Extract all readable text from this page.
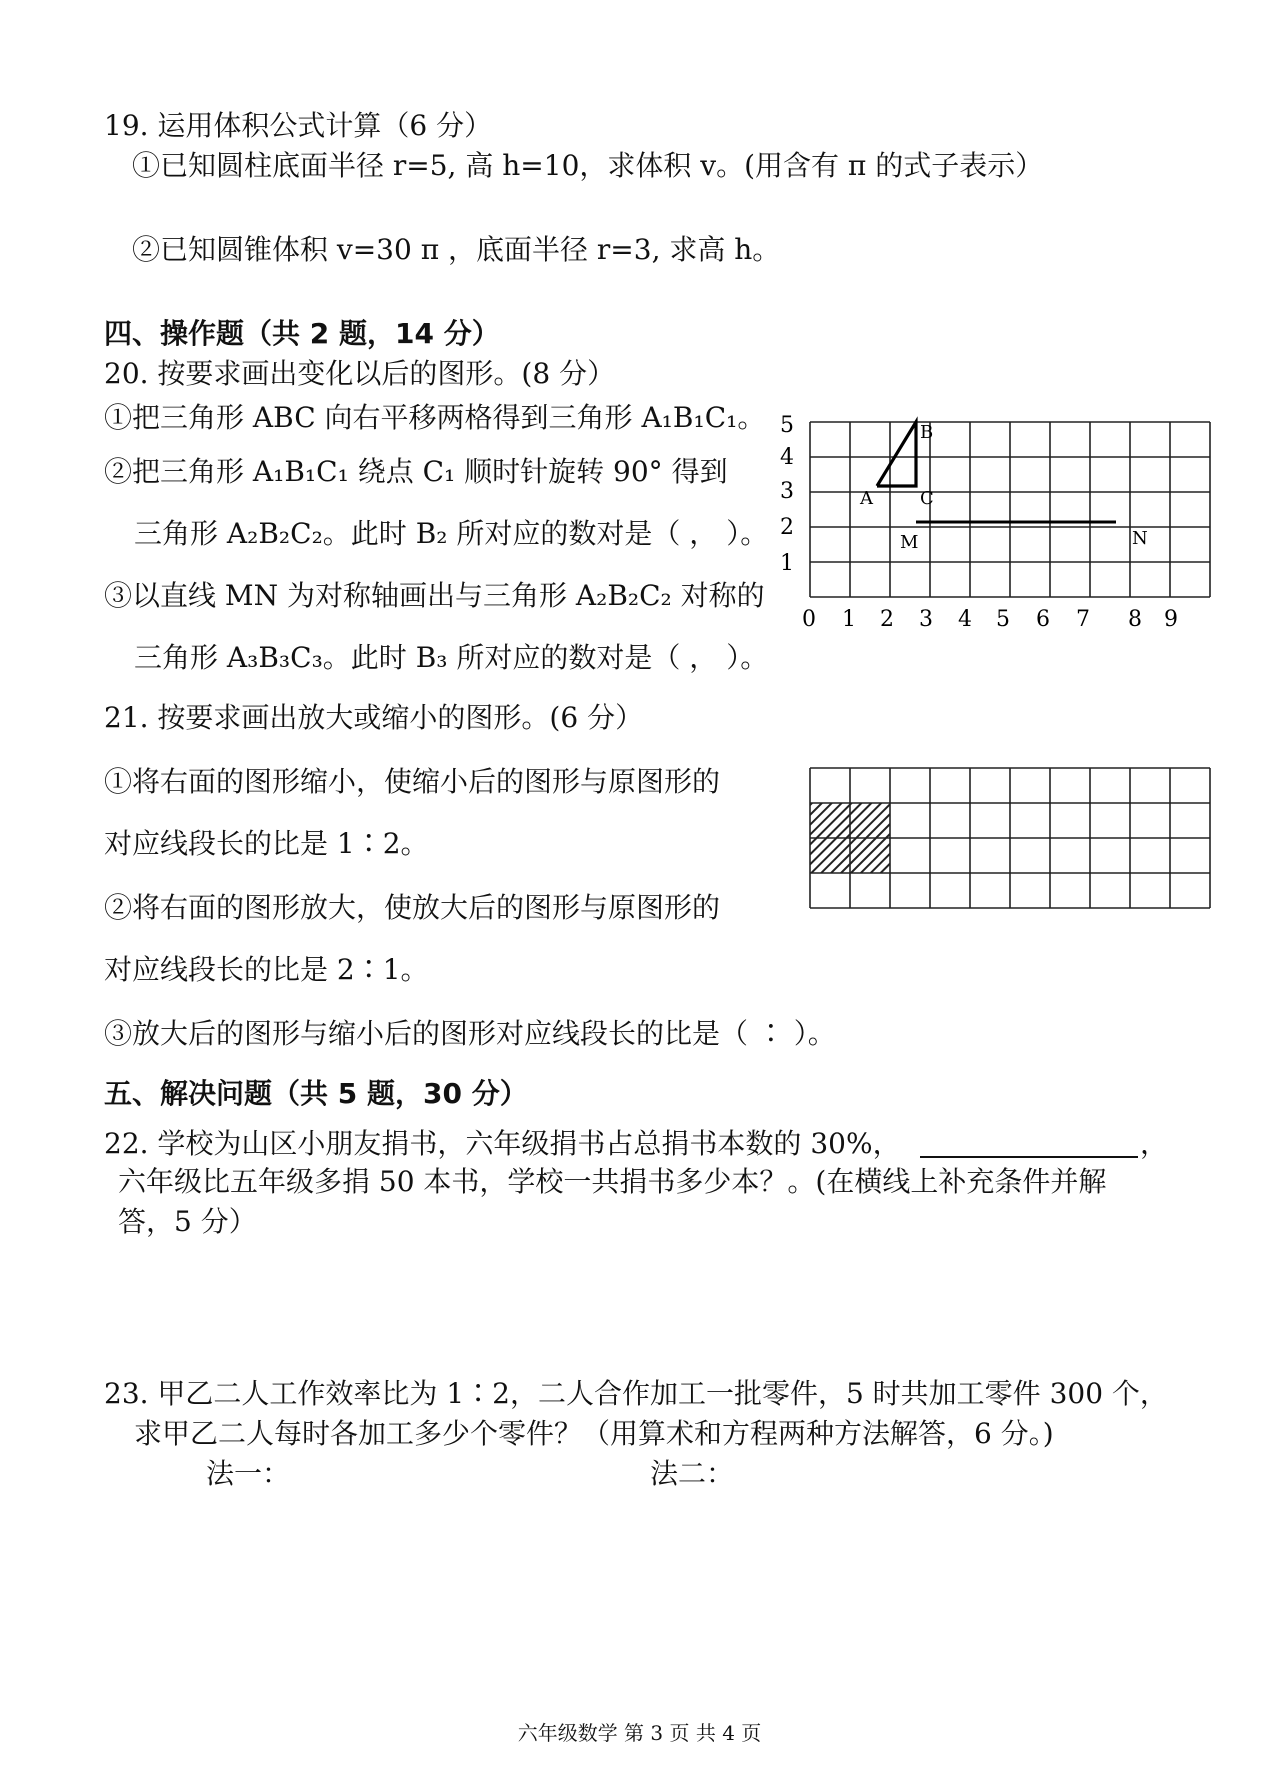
19. 运用体积公式计算（6 分）
①已知圆柱底面半径 r=5, 高 h=10，求体积 v。(用含有 π 的式子表示）
②已知圆锥体积 v=30 π ，底面半径 r=3, 求高 h。
四、操作题（共 2 题，14 分）
20. 按要求画出变化以后的图形。(8 分）
①把三角形 ABC 向右平移两格得到三角形 A₁B₁C₁。
②把三角形 A₁B₁C₁ 绕点 C₁ 顺时针旋转 90° 得到
三角形 A₂B₂C₂。此时 B₂ 所对应的数对是（ ， ）。
③以直线 MN 为对称轴画出与三角形 A₂B₂C₂ 对称的
三角形 A₃B₃C₃。此时 B₃ 所对应的数对是（ ， ）。
B
A	C
M	N
5
4
3
2
1
0 1 2 3 4 5 6 7 8 9
21. 按要求画出放大或缩小的图形。(6 分）
①将右面的图形缩小，使缩小后的图形与原图形的
对应线段长的比是 1∶2。
②将右面的图形放大，使放大后的图形与原图形的
对应线段长的比是 2∶1。
③放大后的图形与缩小后的图形对应线段长的比是（ ∶ ）。
五、解决问题（共 5 题，30 分）
22. 学校为山区小朋友捐书，六年级捐书占总捐书本数的 30%，	，
六年级比五年级多捐 50 本书，学校一共捐书多少本？。(在横线上补充条件并解
答，5 分）
23. 甲乙二人工作效率比为 1∶2，二人合作加工一批零件，5 时共加工零件 300 个，
求甲乙二人每时各加工多少个零件？（用算术和方程两种方法解答，6 分。)
法一：	法二：
六年级数学 第 3 页 共 4 页
